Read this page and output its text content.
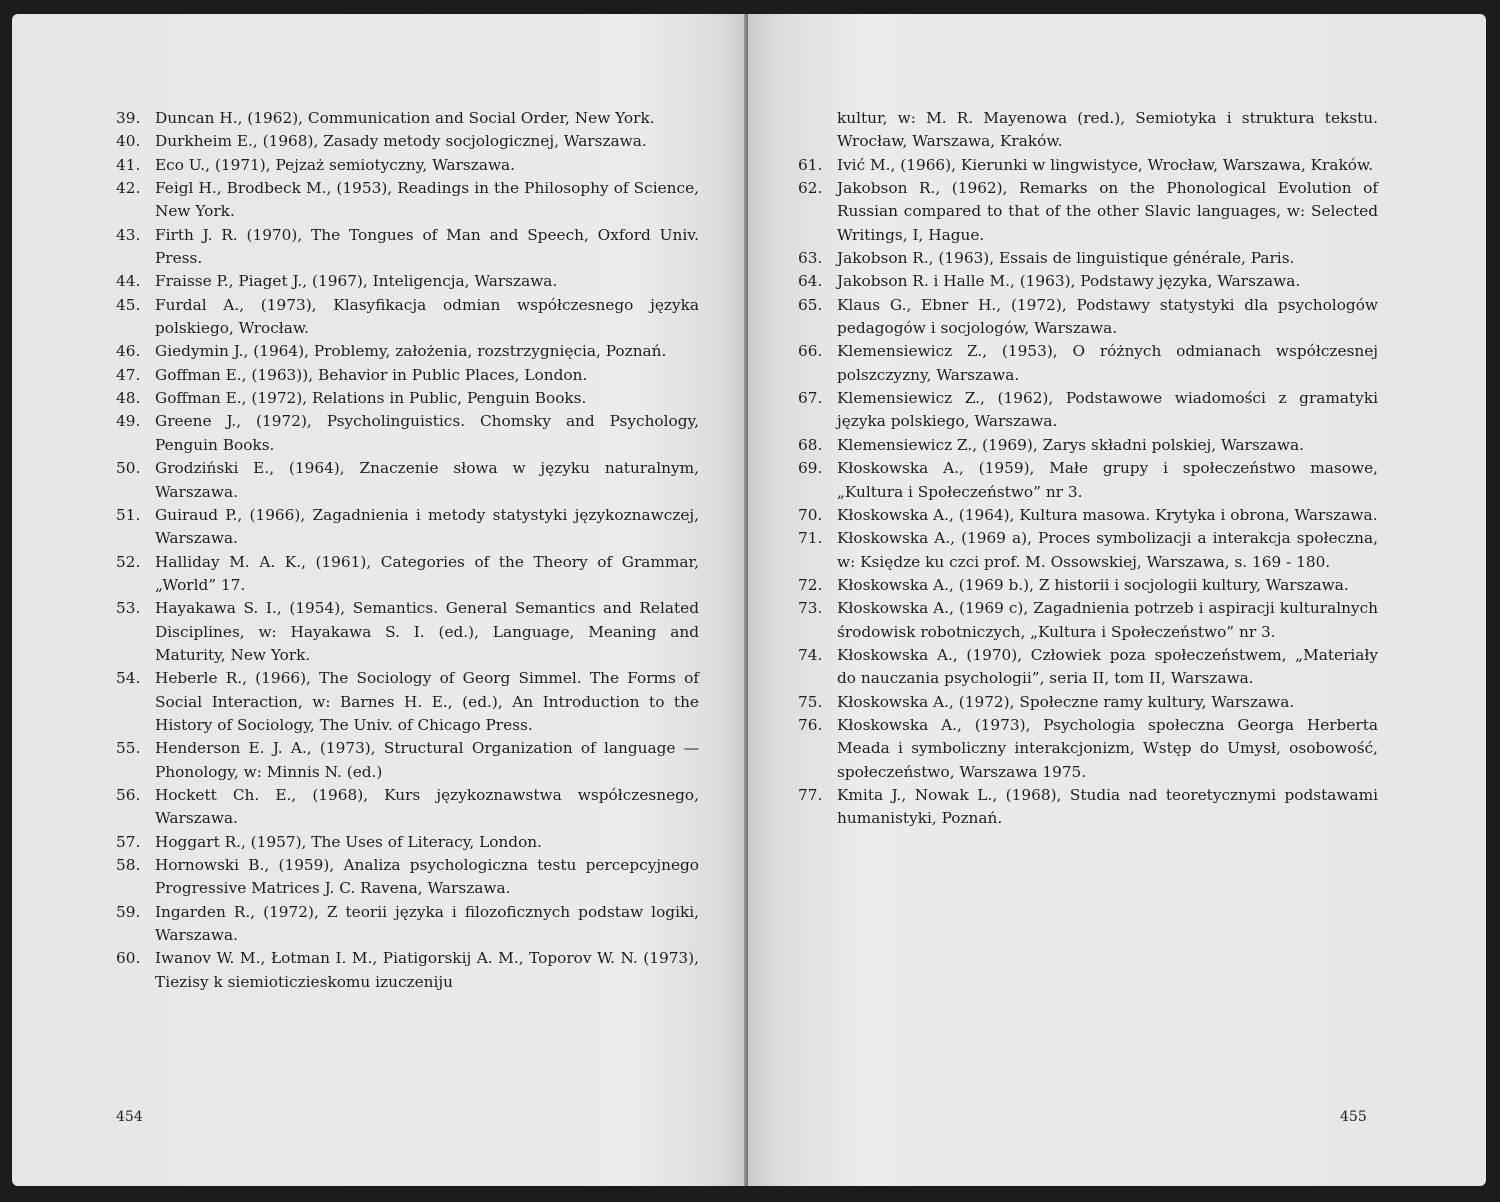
39. Duncan H., (1962), Communication and Social Order, New York.
40. Durkheim E., (1968), Zasady metody socjologicznej, Warszawa.
41. Eco U., (1971), Pejzaż semiotyczny, Warszawa.
42. Feigl H., Brodbeck M., (1953), Readings in the Philosophy of Science, New York.
43. Firth J. R. (1970), The Tongues of Man and Speech, Oxford Univ. Press.
44. Fraisse P., Piaget J., (1967), Inteligencja, Warszawa.
45. Furdal A., (1973), Klasyfikacja odmian współczesnego języka polskiego, Wrocław.
46. Giedymin J., (1964), Problemy, założenia, rozstrzygnięcia, Poznań.
47. Goffman E., (1963)), Behavior in Public Places, London.
48. Goffman E., (1972), Relations in Public, Penguin Books.
49. Greene J., (1972), Psycholinguistics. Chomsky and Psychology, Penguin Books.
50. Grodziński E., (1964), Znaczenie słowa w języku naturalnym, Warszawa.
51. Guiraud P., (1966), Zagadnienia i metody statystyki językoznawczej, Warszawa.
52. Halliday M. A. K., (1961), Categories of the Theory of Grammar, „World” 17.
53. Hayakawa S. I., (1954), Semantics. General Semantics and Related Disciplines, w: Hayakawa S. I. (ed.), Language, Meaning and Maturity, New York.
54. Heberle R., (1966), The Sociology of Georg Simmel. The Forms of Social Interaction, w: Barnes H. E., (ed.), An Introduction to the History of Sociology, The Univ. of Chicago Press.
55. Henderson E. J. A., (1973), Structural Organization of language — Phonology, w: Minnis N. (ed.)
56. Hockett Ch. E., (1968), Kurs językoznawstwa współczesnego, Warszawa.
57. Hoggart R., (1957), The Uses of Literacy, London.
58. Hornowski B., (1959), Analiza psychologiczna testu percepcyjnego Progressive Matrices J. C. Ravena, Warszawa.
59. Ingarden R., (1972), Z teorii języka i filozoficznych podstaw logiki, Warszawa.
60. Iwanov W. M., Łotman I. M., Piatigorskij A. M., Toporov W. N. (1973), Tiezisy k siemioticzieskomu izuczeniju
454
kultur, w: M. R. Mayenowa (red.), Semiotyka i struktura tekstu. Wrocław, Warszawa, Kraków.
61. Ivić M., (1966), Kierunki w lingwistyce, Wrocław, Warszawa, Kraków.
62. Jakobson R., (1962), Remarks on the Phonological Evolution of Russian compared to that of the other Slavic languages, w: Selected Writings, I, Hague.
63. Jakobson R., (1963), Essais de linguistique générale, Paris.
64. Jakobson R. i Halle M., (1963), Podstawy języka, Warszawa.
65. Klaus G., Ebner H., (1972), Podstawy statystyki dla psychologów pedagogów i socjologów, Warszawa.
66. Klemensiewicz Z., (1953), O różnych odmianach współczesnej polszczyzny, Warszawa.
67. Klemensiewicz Z., (1962), Podstawowe wiadomości z gramatyki języka polskiego, Warszawa.
68. Klemensiewicz Z., (1969), Zarys składni polskiej, Warszawa.
69. Kłoskowska A., (1959), Małe grupy i społeczeństwo masowe, „Kultura i Społeczeństwo” nr 3.
70. Kłoskowska A., (1964), Kultura masowa. Krytyka i obrona, Warszawa.
71. Kłoskowska A., (1969 a), Proces symbolizacji a interakcja społeczna, w: Księdze ku czci prof. M. Ossowskiej, Warszawa, s. 169 - 180.
72. Kłoskowska A., (1969 b.), Z historii i socjologii kultury, Warszawa.
73. Kłoskowska A., (1969 c), Zagadnienia potrzeb i aspiracji kulturalnych środowisk robotniczych, „Kultura i Społeczeństwo” nr 3.
74. Kłoskowska A., (1970), Człowiek poza społeczeństwem, „Materiały do nauczania psychologii”, seria II, tom II, Warszawa.
75. Kłoskowska A., (1972), Społeczne ramy kultury, Warszawa.
76. Kłoskowska A., (1973), Psychologia społeczna Georga Herberta Meada i symboliczny interakcjonizm, Wstęp do Umysł, osobowość, społeczeństwo, Warszawa 1975.
77. Kmita J., Nowak L., (1968), Studia nad teoretycznymi podstawami humanistyki, Poznań.
455
